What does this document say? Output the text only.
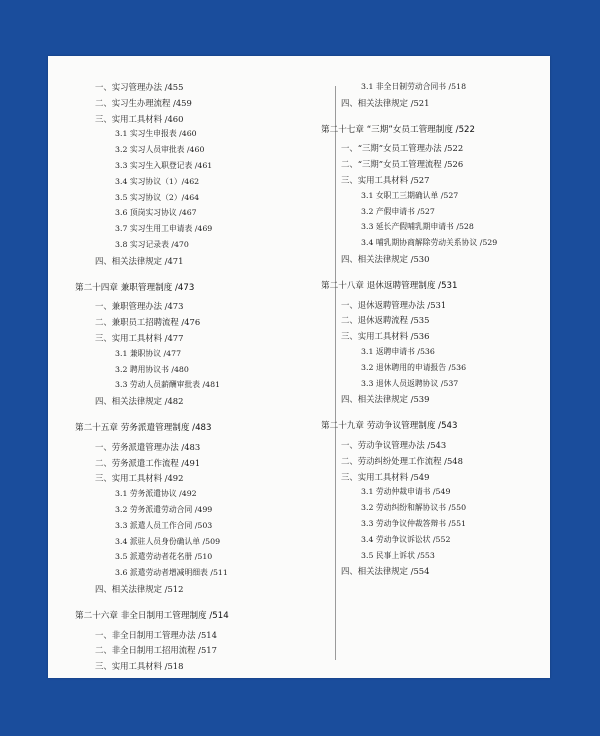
一、实习管理办法 /455
二、实习生办理流程 /459
三、实用工具材料 /460
3.1 实习生申报表 /460
3.2 实习人员审批表 /460
3.3 实习生入职登记表 /461
3.4 实习协议（1）/462
3.5 实习协议（2）/464
3.6 顶岗实习协议 /467
3.7 实习生用工申请表 /469
3.8 实习记录表 /470
四、相关法律规定 /471
第二十四章 兼职管理制度 /473
一、兼职管理办法 /473
二、兼职员工招聘流程 /476
三、实用工具材料 /477
3.1 兼职协议 /477
3.2 聘用协议书 /480
3.3 劳动人员薪酬审批表 /481
四、相关法律规定 /482
第二十五章 劳务派遣管理制度 /483
一、劳务派遣管理办法 /483
二、劳务派遣工作流程 /491
三、实用工具材料 /492
3.1 劳务派遣协议 /492
3.2 劳务派遣劳动合同 /499
3.3 派遣人员工作合同 /503
3.4 派驻人员身份确认单 /509
3.5 派遣劳动者花名册 /510
3.6 派遣劳动者增减明细表 /511
四、相关法律规定 /512
第二十六章 非全日制用工管理制度 /514
一、非全日制用工管理办法 /514
二、非全日制用工招用流程 /517
三、实用工具材料 /518
3.1 非全日制劳动合同书 /518
四、相关法律规定 /521
第二十七章 “三期”女员工管理制度 /522
一、“三期”女员工管理办法 /522
二、“三期”女员工管理流程 /526
三、实用工具材料 /527
3.1 女职工三期确认单 /527
3.2 产假申请书 /527
3.3 延长产假哺乳期申请书 /528
3.4 哺乳期协商解除劳动关系协议 /529
四、相关法律规定 /530
第二十八章 退休返聘管理制度 /531
一、退休返聘管理办法 /531
二、退休返聘流程 /535
三、实用工具材料 /536
3.1 返聘申请书 /536
3.2 退休聘用的申请报告 /536
3.3 退休人员返聘协议 /537
四、相关法律规定 /539
第二十九章 劳动争议管理制度 /543
一、劳动争议管理办法 /543
二、劳动纠纷处理工作流程 /548
三、实用工具材料 /549
3.1 劳动仲裁申请书 /549
3.2 劳动纠纷和解协议书 /550
3.3 劳动争议仲裁答辩书 /551
3.4 劳动争议诉讼状 /552
3.5 民事上诉状 /553
四、相关法律规定 /554
